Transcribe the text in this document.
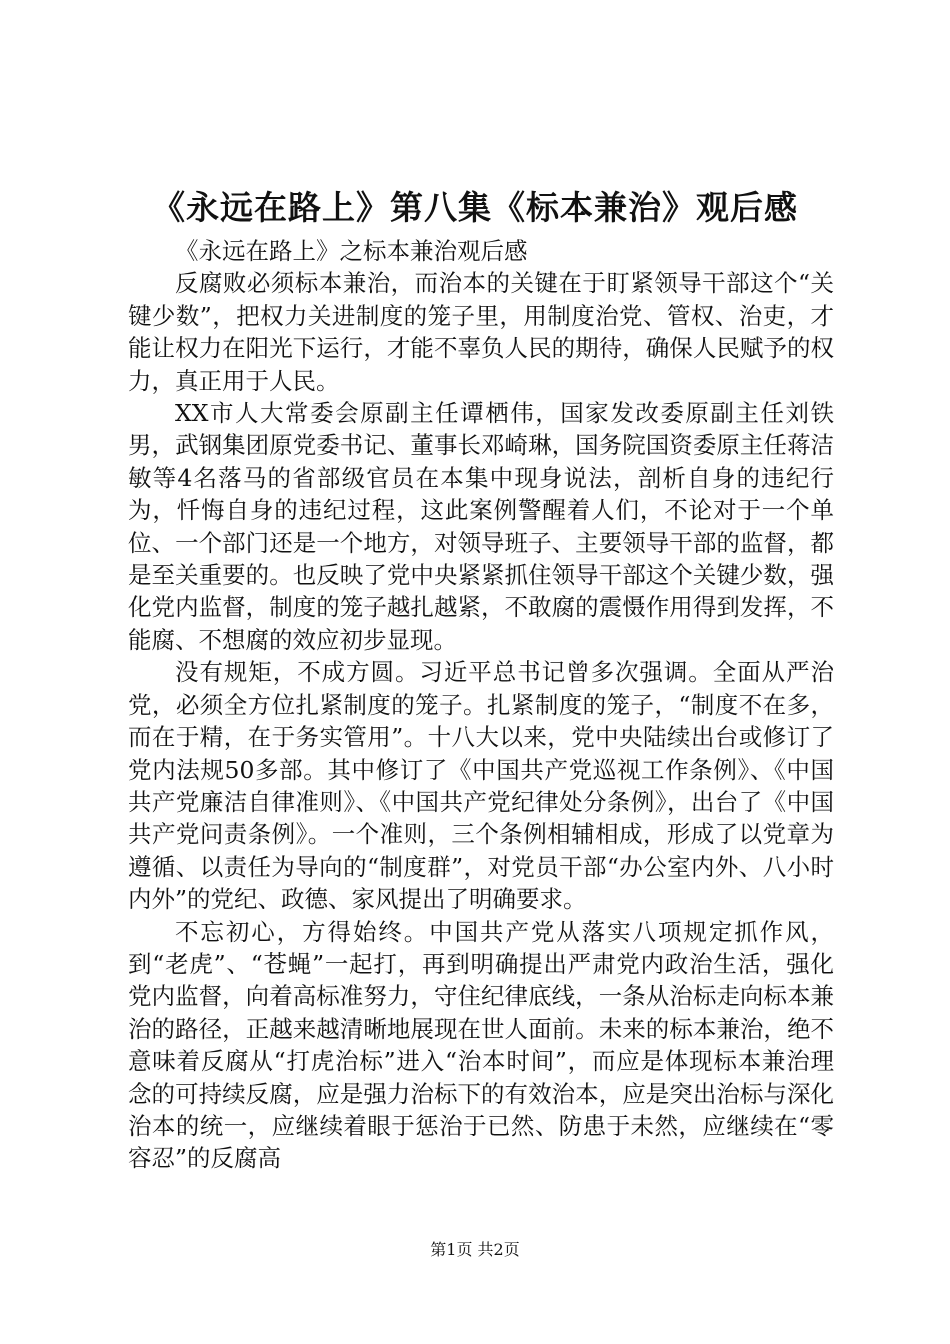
《永远在路上》第八集《标本兼治》观后感

《永远在路上》之标本兼治观后感

反腐败必须标本兼治，而治本的关键在于盯紧领导干部这个“关键少数”，把权力关进制度的笼子里，用制度治党、管权、治吏，才能让权力在阳光下运行，才能不辜负人民的期待，确保人民赋予的权力，真正用于人民。

XX市人大常委会原副主任谭栖伟，国家发改委原副主任刘铁男，武钢集团原党委书记、董事长邓崎琳，国务院国资委原主任蒋洁敏等4名落马的省部级官员在本集中现身说法，剖析自身的违纪行为，忏悔自身的违纪过程，这此案例警醒着人们，不论对于一个单位、一个部门还是一个地方，对领导班子、主要领导干部的监督，都是至关重要的。也反映了党中央紧紧抓住领导干部这个关键少数，强化党内监督，制度的笼子越扎越紧，不敢腐的震慑作用得到发挥，不能腐、不想腐的效应初步显现。

没有规矩，不成方圆。习近平总书记曾多次强调。全面从严治党，必须全方位扎紧制度的笼子。扎紧制度的笼子，“制度不在多，而在于精，在于务实管用”。十八大以来，党中央陆续出台或修订了党内法规50多部。其中修订了《中国共产党巡视工作条例》、《中国共产党廉洁自律准则》、《中国共产党纪律处分条例》，出台了《中国共产党问责条例》。一个准则，三个条例相辅相成，形成了以党章为遵循、以责任为导向的“制度群”，对党员干部“办公室内外、八小时内外”的党纪、政德、家风提出了明确要求。

不忘初心，方得始终。中国共产党从落实八项规定抓作风，到“老虎”、“苍蝇”一起打，再到明确提出严肃党内政治生活，强化党内监督，向着高标准努力，守住纪律底线，一条从治标走向标本兼治的路径，正越来越清晰地展现在世人面前。未来的标本兼治，绝不意味着反腐从“打虎治标”进入“治本时间”，而应是体现标本兼治理念的可持续反腐，应是强力治标下的有效治本，应是突出治标与深化治本的统一，应继续着眼于惩治于已然、防患于未然，应继续在“零容忍”的反腐高

第1页 共2页
